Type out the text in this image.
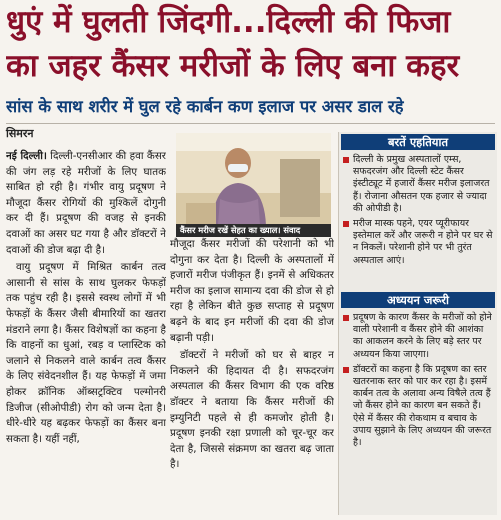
धुएं में घुलती जिंदगी...दिल्ली की फिजा
का जहर कैंसर मरीजों के लिए बना कहर
सांस के साथ शरीर में घुल रहे कार्बन कण इलाज पर असर डाल रहे
सिमरन

नई दिल्ली। दिल्ली-एनसीआर की हवा कैंसर की जंग लड़ रहे मरीजों के लिए घातक साबित हो रही है। गंभीर वायु प्रदूषण ने मौजूदा कैंसर रोगियों की मुश्किलें दोगुनी कर दी हैं। प्रदूषण की वजह से इनकी दवाओं का असर घट गया है और डॉक्टरों ने दवाओं की डोज बढ़ा दी है।

वायु प्रदूषण में मिश्रित कार्बन तत्व आसानी से सांस के साथ घुलकर फेफड़ों तक पहुंच रही है। इससे स्वस्थ लोगों में भी फेफड़ों के कैंसर जैसी बीमारियों का खतरा मंडराने लगा है। कैंसर विशेषज्ञों का कहना है कि वाहनों का धुआं, रबड़ व प्लास्टिक को जलाने से निकलने वाले कार्बन तत्व कैंसर के लिए संवेदनशील हैं। यह फेफड़ों में जमा होकर क्रॉनिक ऑब्सट्रक्टिव पल्मोनरी डिजीज (सीओपीडी) रोग को जन्म देता है। धीरे-धीरे यह बढ़कर फेफड़ों का कैंसर बना सकता है। यहीं नहीं,

कैंसर मरीज रखें सेहत का ख्याल। संवाद

मौजूदा कैंसर मरीजों की परेशानी को भी दोगुना कर देता है। दिल्ली के अस्पतालों में हजारों मरीज पंजीकृत हैं। इनमें से अधिकतर मरीज का इलाज सामान्य दवा की डोज से हो रहा है लेकिन बीते कुछ सप्ताह से प्रदूषण बढ़ने के बाद इन मरीजों की दवा की डोज बढ़ानी पड़ी।

डॉक्टरों ने मरीजों को घर से बाहर न निकलने की हिदायत दी है। सफदरजंग अस्पताल की कैंसर विभाग की एक वरिष्ठ डॉक्टर ने बताया कि कैंसर मरीजों की इम्युनिटी पहले से ही कमजोर होती है। प्रदूषण इनकी रक्षा प्रणाली को चूर-चूर कर देता है, जिससे संक्रमण का खतरा बढ़ जाता है।

बरतें एहतियात
दिल्ली के प्रमुख अस्पतालों एम्स, सफदरजंग और दिल्ली स्टेट कैंसर इंस्टीट्यूट में हजारों कैंसर मरीज इलाजरत हैं। रोजाना औसतन एक हजार से ज्यादा की ओपीडी है।
मरीज मास्क पहने, एयर प्यूरीफायर इस्तेमाल करें और जरूरी न होने पर घर से न निकलें। परेशानी होने पर भी तुरंत अस्पताल आएं।
अध्ययन जरूरी
प्रदूषण के कारण कैंसर के मरीजों को होने वाली परेशानी व कैंसर होने की आशंका का आकलन करने के लिए बड़े स्तर पर अध्ययन किया जाएगा।
डॉक्टरों का कहना है कि प्रदूषण का स्तर खतरनाक स्तर को पार कर रहा है। इसमें कार्बन तत्व के अलावा अन्य विषैले तत्व हैं जो कैंसर होने का कारण बन सकते हैं। ऐसे में कैंसर की रोकथाम व बचाव के उपाय सुझाने के लिए अध्ययन की जरूरत है।
